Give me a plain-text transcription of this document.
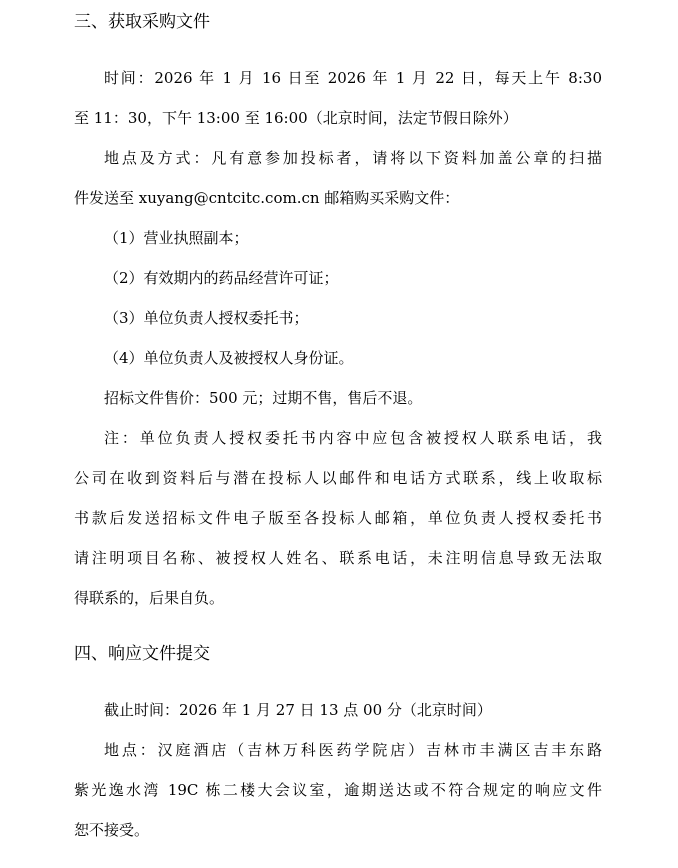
三、获取采购文件
时间：2026 年 1 月 16 日至 2026 年 1 月 22 日，每天上午 8:30
至 11：30，下午 13:00 至 16:00（北京时间，法定节假日除外）
地点及方式：凡有意参加投标者，请将以下资料加盖公章的扫描
件发送至 xuyang@cntcitc.com.cn 邮箱购买采购文件：
（1）营业执照副本；
（2）有效期内的药品经营许可证；
（3）单位负责人授权委托书；
（4）单位负责人及被授权人身份证。
招标文件售价：500 元；过期不售，售后不退。
注：单位负责人授权委托书内容中应包含被授权人联系电话，我
公司在收到资料后与潜在投标人以邮件和电话方式联系，线上收取标
书款后发送招标文件电子版至各投标人邮箱，单位负责人授权委托书
请注明项目名称、被授权人姓名、联系电话，未注明信息导致无法取
得联系的，后果自负。
四、响应文件提交
截止时间：2026 年 1 月 27 日 13 点 00 分（北京时间）
地点：汉庭酒店（吉林万科医药学院店）吉林市丰满区吉丰东路
紫光逸水湾 19C 栋二楼大会议室，逾期送达或不符合规定的响应文件
恕不接受。
